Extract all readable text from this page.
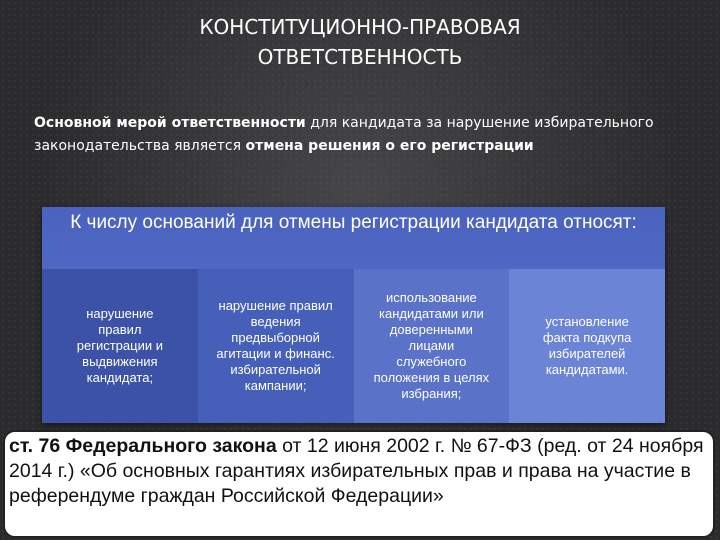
КОНСТИТУЦИОННО-ПРАВОВАЯ
ОТВЕТСТВЕННОСТЬ
Основной мерой ответственности для кандидата за нарушение избирательного законодательства является отмена решения о его регистрации
К числу оснований для отмены регистрации кандидата относят:
нарушение
правил
регистрации и
выдвижения
кандидата;
нарушение правил
ведения
предвыборной
агитации и финанс.
избирательной
кампании;
использование
кандидатами или
доверенными
лицами
служебного
положения в целях
избрания;
установление
факта подкупа
избирателей
кандидатами.
ст. 76 Федерального закона от 12 июня 2002 г. № 67-ФЗ (ред. от 24 ноября 2014 г.) «Об основных гарантиях избирательных прав и права на участие в референдуме граждан Российской Федерации»
